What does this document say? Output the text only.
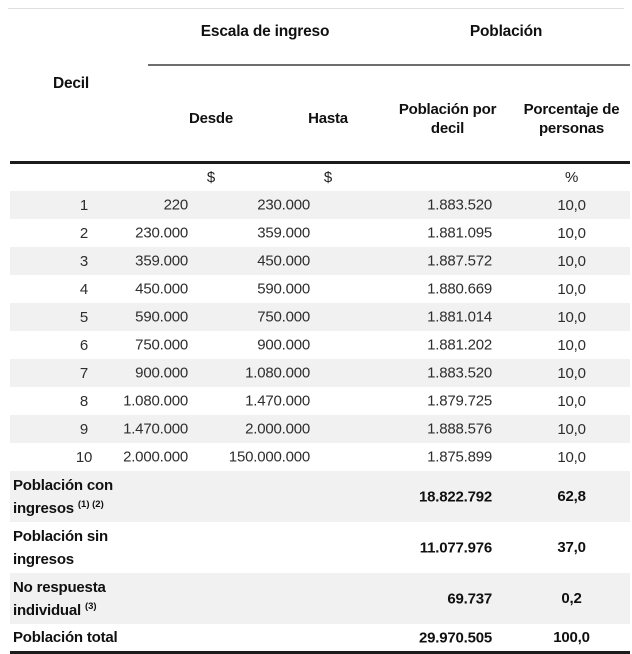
Decil	Escala de ingreso		Población	
	Desde	Hasta	Población por decil	Porcentaje de personas
	$	$		%
1	220	230.000	1.883.520	10,0
2	230.000	359.000	1.881.095	10,0
3	359.000	450.000	1.887.572	10,0
4	450.000	590.000	1.880.669	10,0
5	590.000	750.000	1.881.014	10,0
6	750.000	900.000	1.881.202	10,0
7	900.000	1.080.000	1.883.520	10,0
8	1.080.000	1.470.000	1.879.725	10,0
9	1.470.000	2.000.000	1.888.576	10,0
10	2.000.000	150.000.000	1.875.899	10,0
Población con ingresos $^{(1) (2)}$			18.822.792	62,8
Población sin ingresos			11.077.976	37,0
No respuesta individual $^{(3)}$			69.737	0,2
Población total			29.970.505	100,0
